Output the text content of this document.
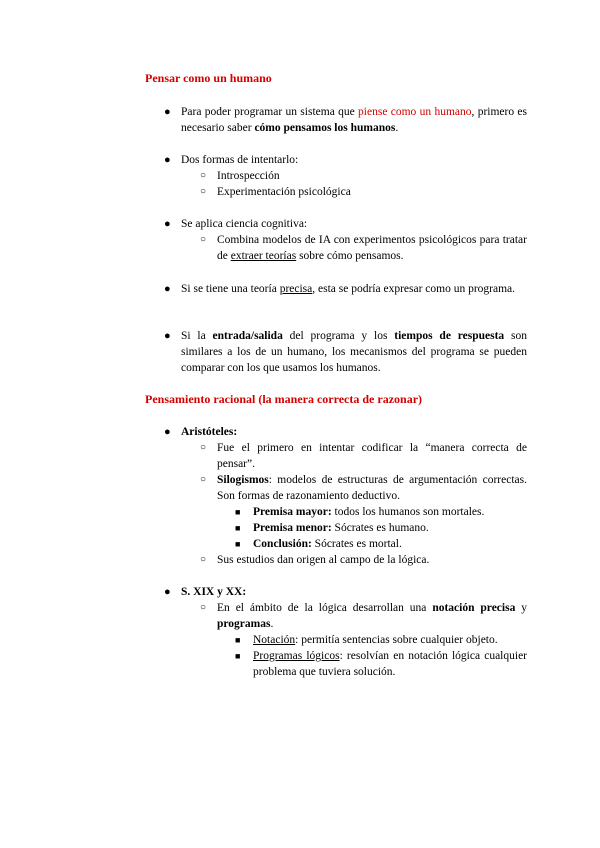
Pensar como un humano
● Para poder programar un sistema que piense como un humano, primero es necesario saber cómo pensamos los humanos.
● Dos formas de intentarlo:
○ Introspección
○ Experimentación psicológica
● Se aplica ciencia cognitiva:
○ Combina modelos de IA con experimentos psicológicos para tratar de extraer teorías sobre cómo pensamos.
● Si se tiene una teoría precisa, esta se podría expresar como un programa.
● Si la entrada/salida del programa y los tiempos de respuesta son similares a los de un humano, los mecanismos del programa se pueden comparar con los que usamos los humanos.
Pensamiento racional (la manera correcta de razonar)
● Aristóteles:
○ Fue el primero en intentar codificar la “manera correcta de pensar”.
○ Silogismos: modelos de estructuras de argumentación correctas. Son formas de razonamiento deductivo.
■ Premisa mayor: todos los humanos son mortales.
■ Premisa menor: Sócrates es humano.
■ Conclusión: Sócrates es mortal.
○ Sus estudios dan origen al campo de la lógica.
● S. XIX y XX:
○ En el ámbito de la lógica desarrollan una notación precisa y programas.
■ Notación: permitía sentencias sobre cualquier objeto.
■ Programas lógicos: resolvían en notación lógica cualquier problema que tuviera solución.
